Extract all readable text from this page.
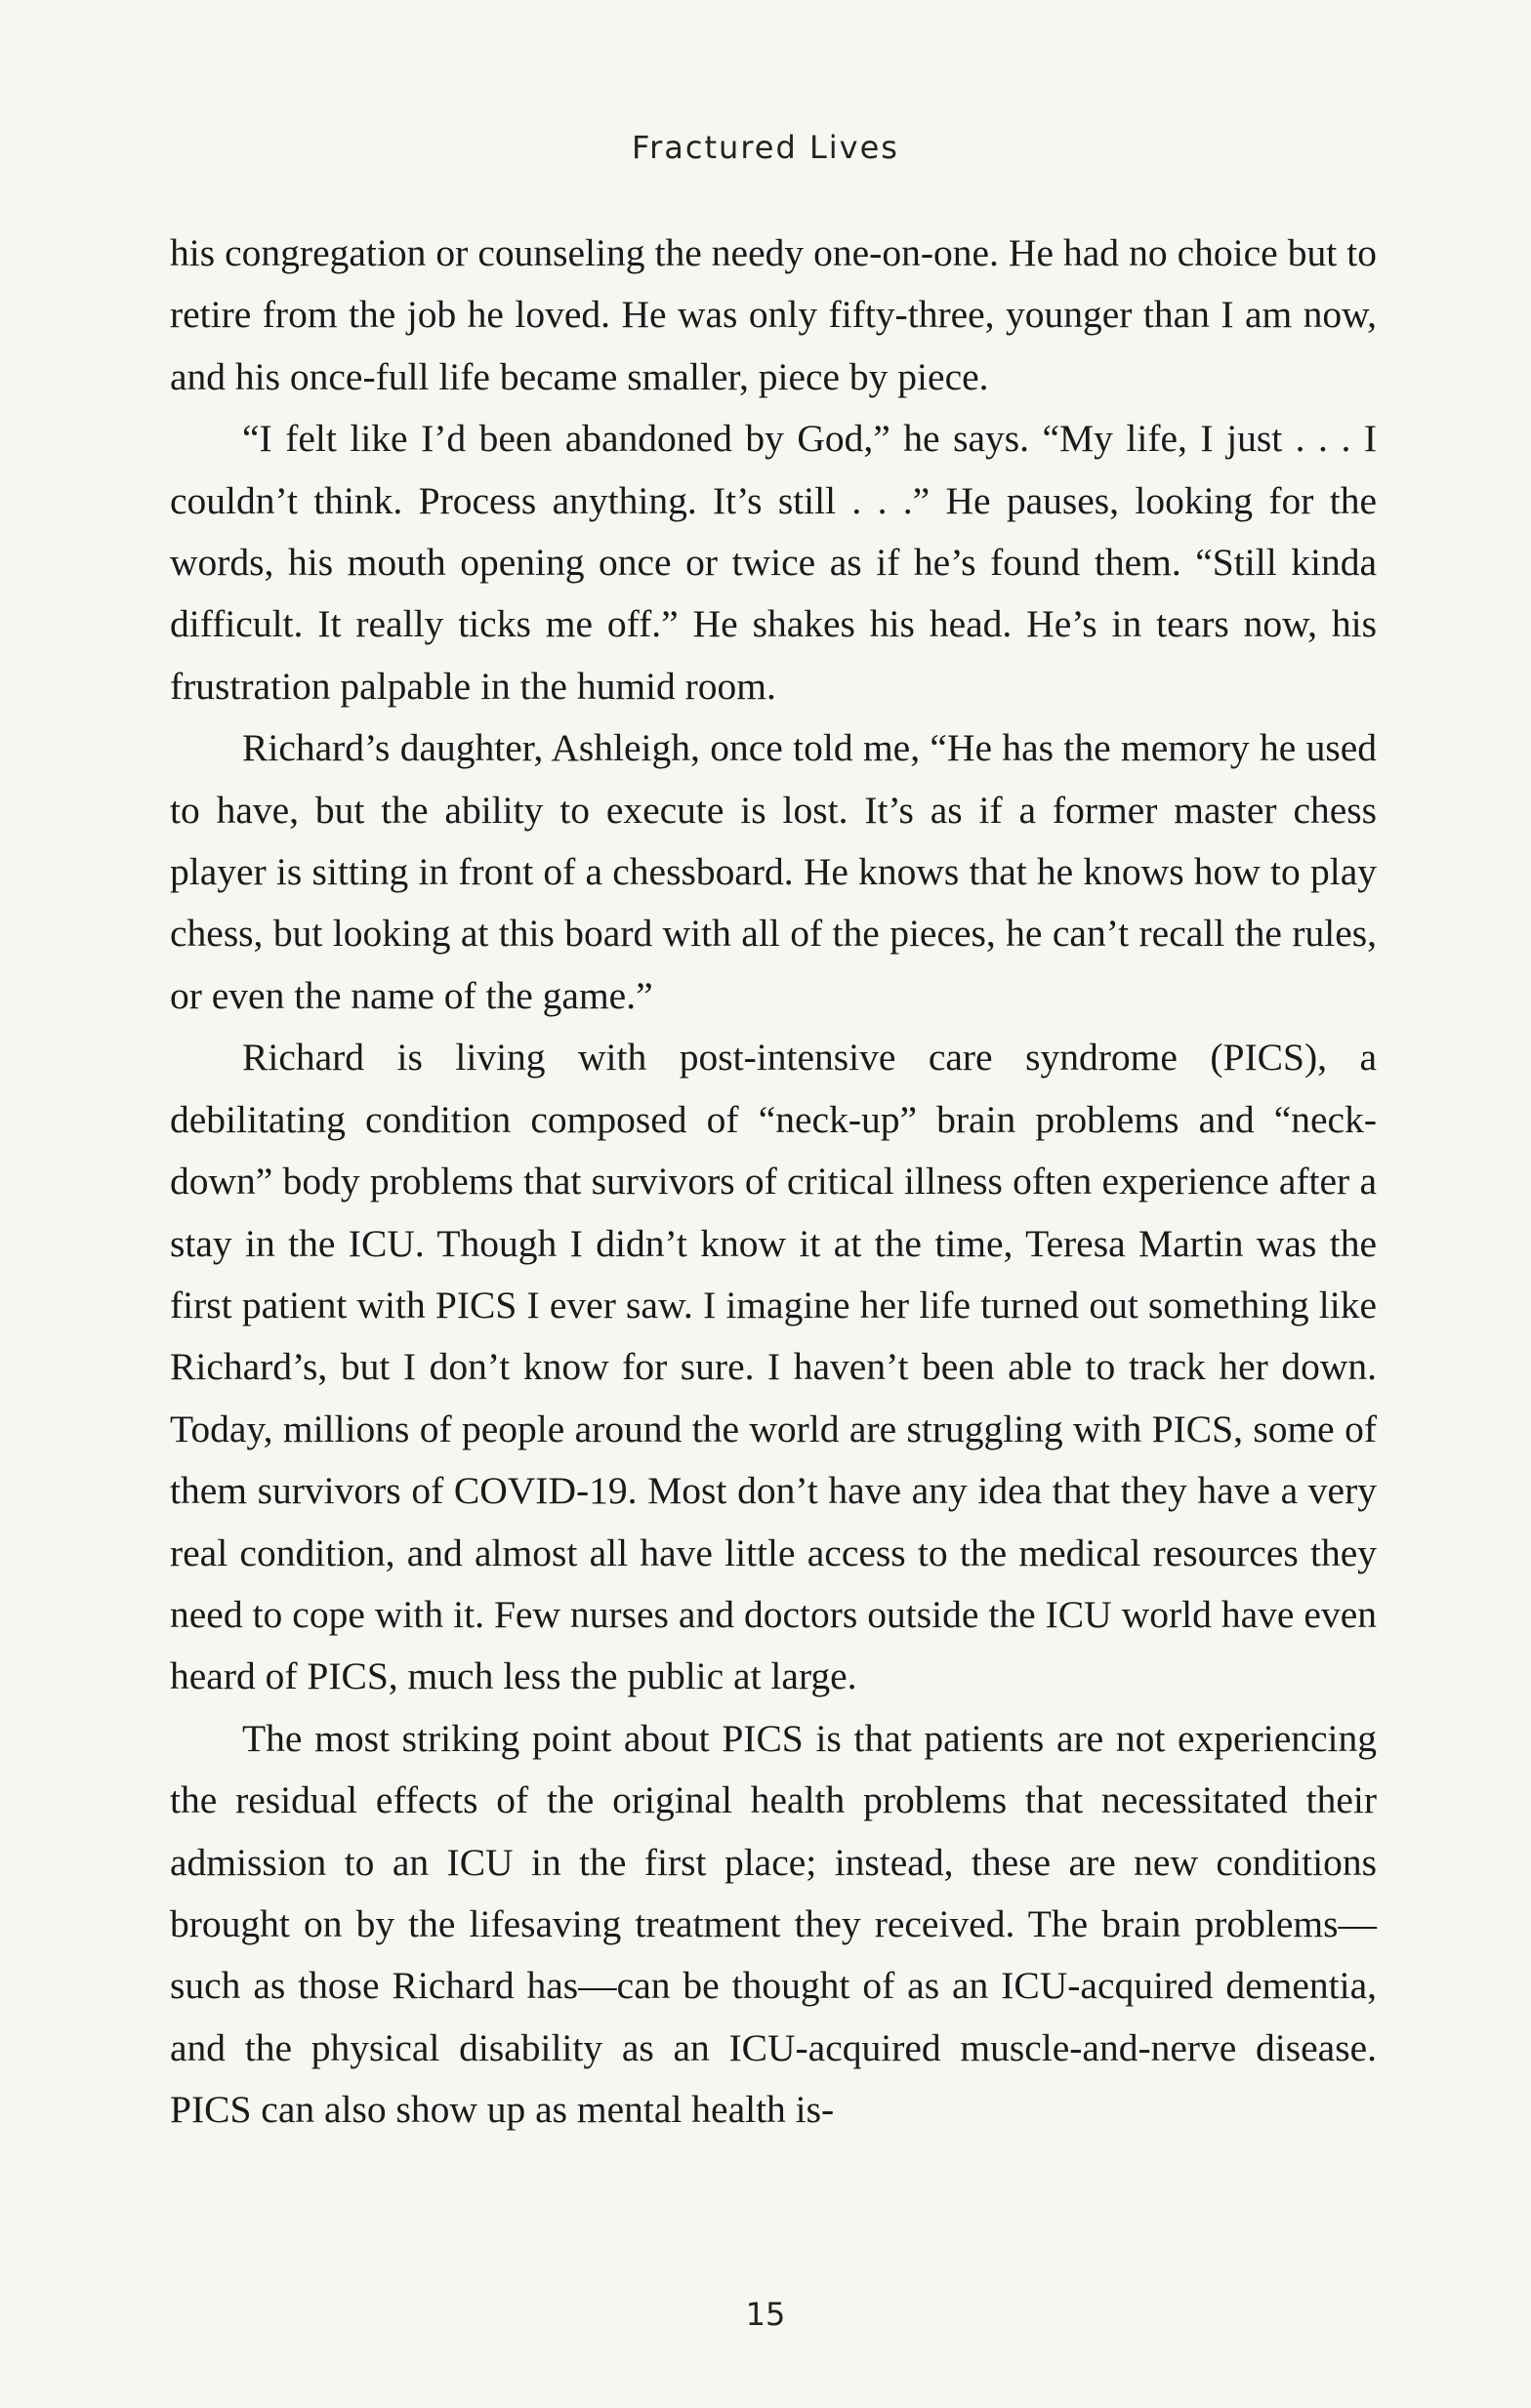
Fractured Lives

his congregation or counseling the needy one-on-one. He had no choice but to retire from the job he loved. He was only fifty-three, younger than I am now, and his once-full life became smaller, piece by piece.

“I felt like I’d been abandoned by God,” he says. “My life, I just . . . I couldn’t think. Process anything. It’s still . . .” He pauses, looking for the words, his mouth opening once or twice as if he’s found them. “Still kinda difficult. It really ticks me off.” He shakes his head. He’s in tears now, his frustration palpable in the humid room.

Richard’s daughter, Ashleigh, once told me, “He has the memory he used to have, but the ability to execute is lost. It’s as if a former master chess player is sitting in front of a chessboard. He knows that he knows how to play chess, but looking at this board with all of the pieces, he can’t recall the rules, or even the name of the game.”

Richard is living with post-intensive care syndrome (PICS), a debilitating condition composed of “neck-up” brain problems and “neck-down” body problems that survivors of critical illness often experience after a stay in the ICU. Though I didn’t know it at the time, Teresa Martin was the first patient with PICS I ever saw. I imagine her life turned out something like Richard’s, but I don’t know for sure. I haven’t been able to track her down. Today, millions of people around the world are struggling with PICS, some of them survivors of COVID-19. Most don’t have any idea that they have a very real condition, and almost all have little access to the medical resources they need to cope with it. Few nurses and doctors outside the ICU world have even heard of PICS, much less the public at large.

The most striking point about PICS is that patients are not experiencing the residual effects of the original health problems that necessitated their admission to an ICU in the first place; instead, these are new conditions brought on by the lifesaving treatment they received. The brain problems—such as those Richard has—can be thought of as an ICU-acquired dementia, and the physical disability as an ICU-acquired muscle-and-nerve disease. PICS can also show up as mental health is-

15
